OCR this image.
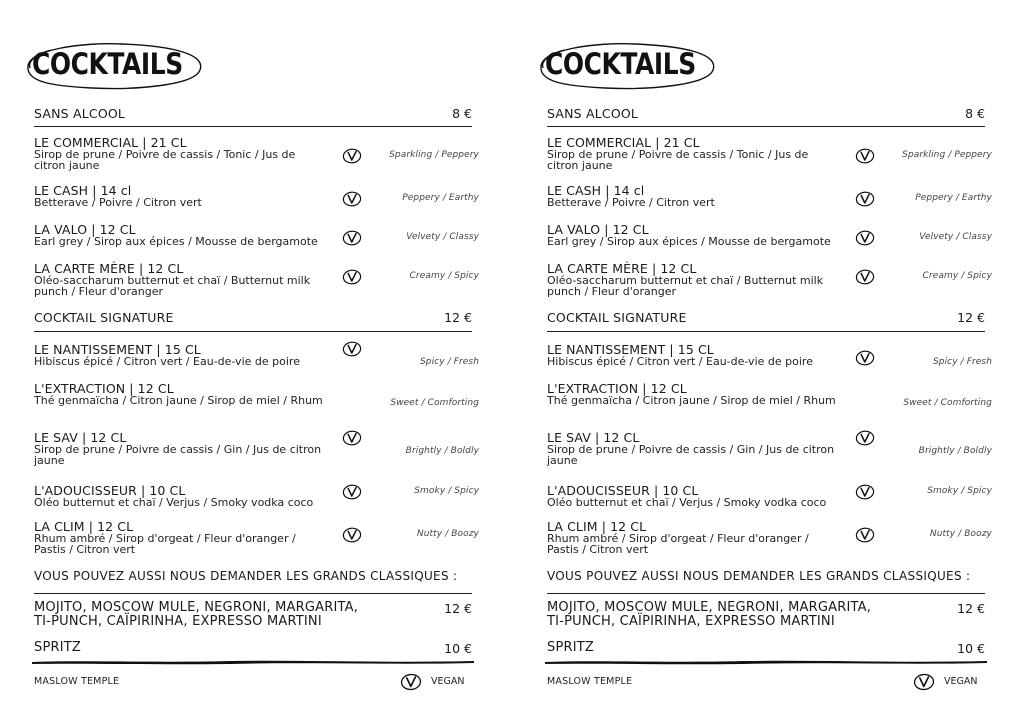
COCKTAILS
SANS ALCOOL	8 €
LE COMMERCIAL | 21 CL
Sirop de prune / Poivre de cassis / Tonic / Jus de citron jaune
Sparkling / Peppery
LE CASH | 14 cl
Betterave / Poivre / Citron vert	Peppery / Earthy
LA VALO | 12 CL
Earl grey / Sirop aux épices / Mousse de bergamote	Velvety / Classy
LA CARTE MÈRE | 12 CL
Oléo-saccharum butternut et chaï / Butternut milk punch / Fleur d'oranger
Creamy / Spicy
COCKTAIL SIGNATURE	12 €
LE NANTISSEMENT | 15 CL
Hibiscus épicé / Citron vert / Eau-de-vie de poire	Spicy / Fresh
L'EXTRACTION | 12 CL
Thé genmaïcha / Citron jaune / Sirop de miel / Rhum	Sweet / Comforting
LE SAV | 12 CL
Sirop de prune / Poivre de cassis / Gin / Jus de citron jaune
Brightly / Boldly
L'ADOUCISSEUR | 10 CL
Oléo butternut et chaï / Verjus / Smoky vodka coco
Smoky / Spicy
LA CLIM | 12 CL
Rhum ambré / Sirop d'orgeat / Fleur d'oranger / Pastis / Citron vert
Nutty / Boozy
VOUS POUVEZ AUSSI NOUS DEMANDER LES GRANDS CLASSIQUES :
MOJITO, MOSCOW MULE, NEGRONI, MARGARITA,
TI-PUNCH, CAÏPIRINHA, EXPRESSO MARTINI
12 €
SPRITZ	10 €
MASLOW TEMPLE	VEGAN
COCKTAILS
SANS ALCOOL	8 €
LE COMMERCIAL | 21 CL
Sirop de prune / Poivre de cassis / Tonic / Jus de citron jaune
Sparkling / Peppery
LE CASH | 14 cl
Betterave / Poivre / Citron vert	Peppery / Earthy
LA VALO | 12 CL
Earl grey / Sirop aux épices / Mousse de bergamote	Velvety / Classy
LA CARTE MÈRE | 12 CL
Oléo-saccharum butternut et chaï / Butternut milk punch / Fleur d'oranger
Creamy / Spicy
COCKTAIL SIGNATURE	12 €
LE NANTISSEMENT | 15 CL
Hibiscus épicé / Citron vert / Eau-de-vie de poire	Spicy / Fresh
L'EXTRACTION | 12 CL
Thé genmaïcha / Citron jaune / Sirop de miel / Rhum	Sweet / Comforting
LE SAV | 12 CL
Sirop de prune / Poivre de cassis / Gin / Jus de citron jaune
Brightly / Boldly
L'ADOUCISSEUR | 10 CL
Oléo butternut et chaï / Verjus / Smoky vodka coco
Smoky / Spicy
LA CLIM | 12 CL
Rhum ambré / Sirop d'orgeat / Fleur d'oranger / Pastis / Citron vert
Nutty / Boozy
VOUS POUVEZ AUSSI NOUS DEMANDER LES GRANDS CLASSIQUES :
MOJITO, MOSCOW MULE, NEGRONI, MARGARITA,
TI-PUNCH, CAÏPIRINHA, EXPRESSO MARTINI
12 €
SPRITZ	10 €
MASLOW TEMPLE	VEGAN
